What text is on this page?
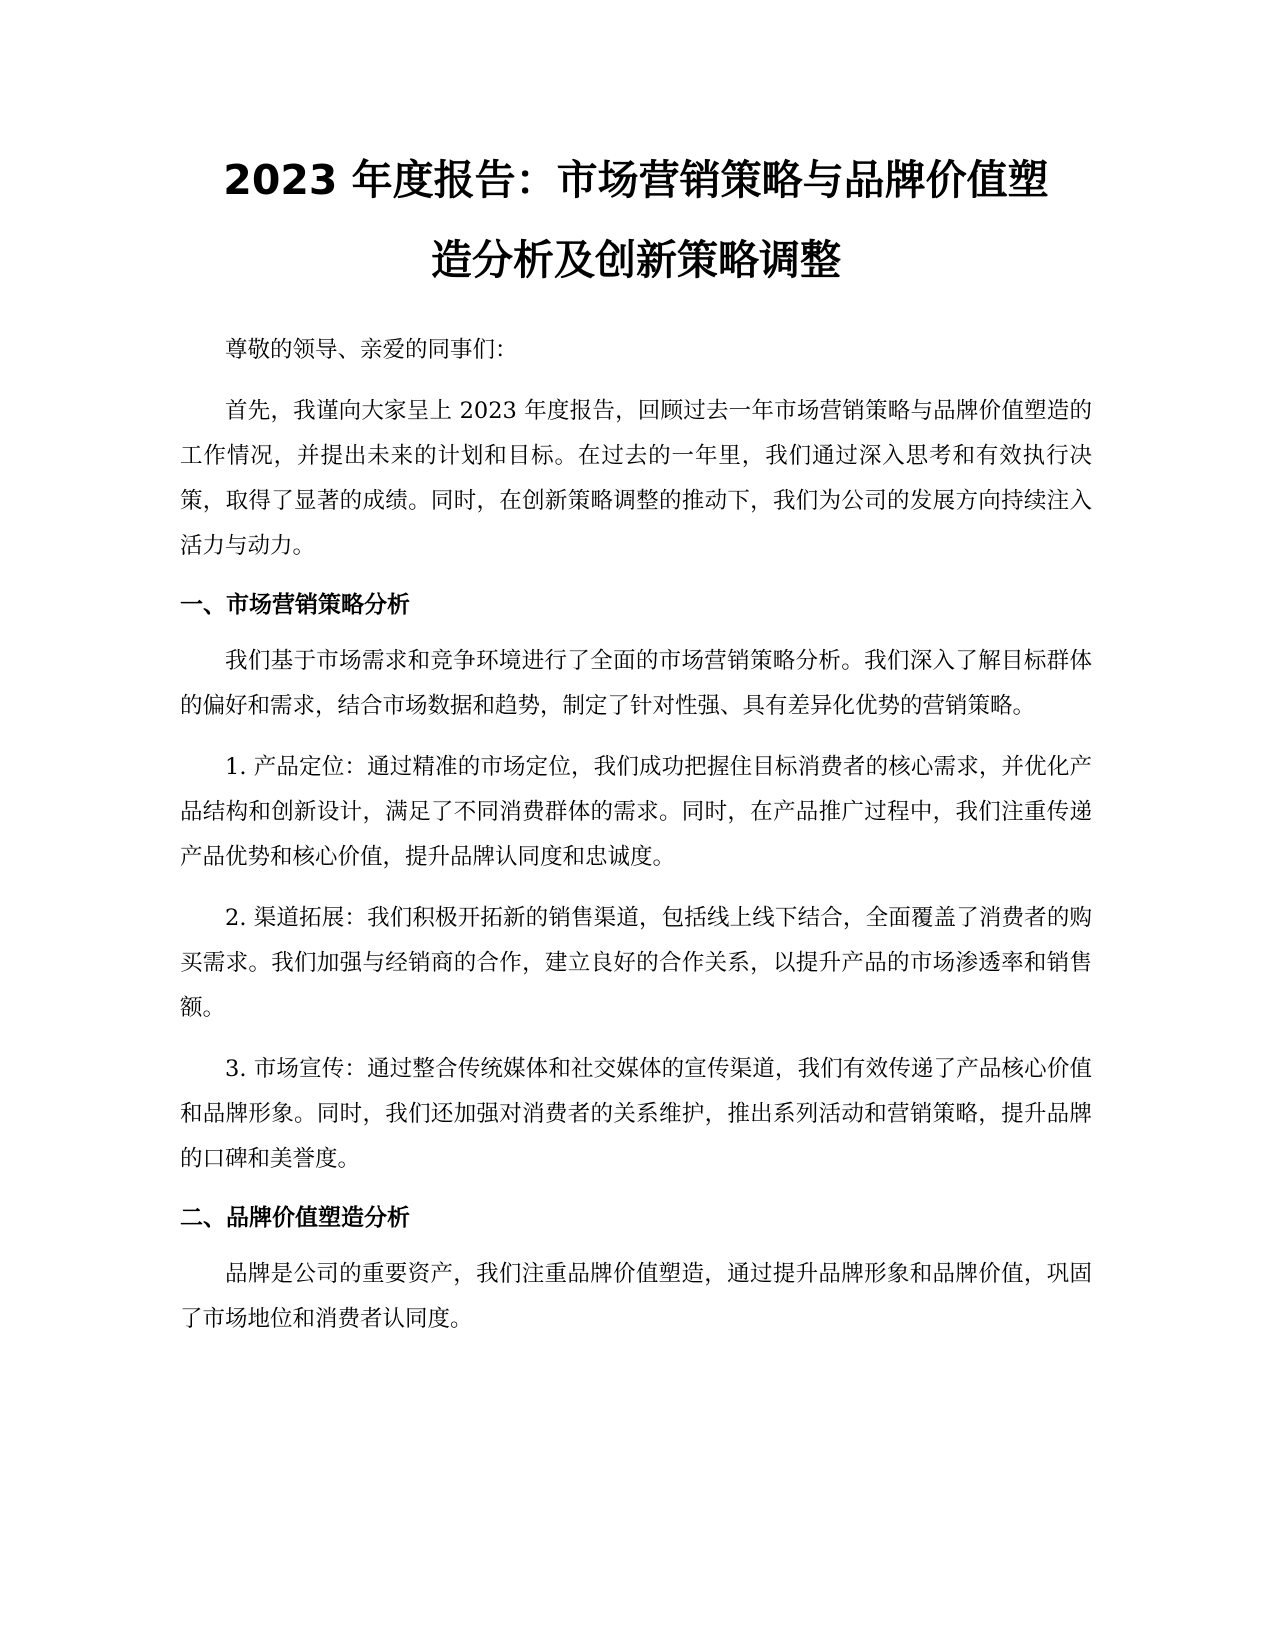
2023 年度报告：市场营销策略与品牌价值塑
造分析及创新策略调整

尊敬的领导、亲爱的同事们：

首先，我谨向大家呈上 2023 年度报告，回顾过去一年市场营销策略与品牌价值塑造的工作情况，并提出未来的计划和目标。在过去的一年里，我们通过深入思考和有效执行决策，取得了显著的成绩。同时，在创新策略调整的推动下，我们为公司的发展方向持续注入活力与动力。

一、市场营销策略分析

我们基于市场需求和竞争环境进行了全面的市场营销策略分析。我们深入了解目标群体的偏好和需求，结合市场数据和趋势，制定了针对性强、具有差异化优势的营销策略。

1. 产品定位：通过精准的市场定位，我们成功把握住目标消费者的核心需求，并优化产品结构和创新设计，满足了不同消费群体的需求。同时，在产品推广过程中，我们注重传递产品优势和核心价值，提升品牌认同度和忠诚度。

2. 渠道拓展：我们积极开拓新的销售渠道，包括线上线下结合，全面覆盖了消费者的购买需求。我们加强与经销商的合作，建立良好的合作关系，以提升产品的市场渗透率和销售额。

3. 市场宣传：通过整合传统媒体和社交媒体的宣传渠道，我们有效传递了产品核心价值和品牌形象。同时，我们还加强对消费者的关系维护，推出系列活动和营销策略，提升品牌的口碑和美誉度。

二、品牌价值塑造分析

品牌是公司的重要资产，我们注重品牌价值塑造，通过提升品牌形象和品牌价值，巩固了市场地位和消费者认同度。
